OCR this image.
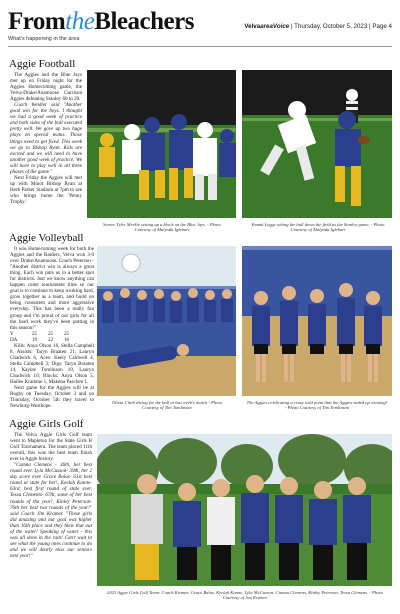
FromtheBleachers
What's happening in the area
VelvaareaVoice | Thursday, October 5, 2023 | Page 4
Aggie Football

The Aggies and the Blue Jays met up on Friday night for the Aggies Homecoming game, the Velva-Drake/Anamoose Garrison Aggies defeating Stanley 60 to 20.

Coach Weidler said "Another good win for the boys. I thought we had a good week of practice and both sides of the ball executed pretty well. We gave up two huge plays on special teams. Those things need to get fixed. This week we go to Bishop Ryan. Kids are excited and we will need to have another good week of practice. We will have to play well in all three phases of the game."

Next Friday the Aggies will met up with Minot Bishop Ryan at Herb Parker Stadium at 7pm to see who brings home the 'Penny Trophy.'

Senior Tyler Merkle setting up a block on the Blue Jays. - Photo Courtesy of Malynda Iglehart
Emmit Legge taking the ball down the field as the Stanley game. - Photo Courtesy of Malynda Iglehart
Aggie Volleyball

It was Homecoming week for both the Aggies and the Raiders, Velva won 3-0 over Drake/Anamoose. Coach Peterson - "Another district win is always a great thing. Each win puts us in a better spot for districts. Just we know anything can happen come tournament time so our goal is to continue to keep working hard, grow together as a team, and build on being consistent and more aggressive everyday. This has been a really fun group and I'm proud of our girls for all the hard work they've been putting in this season!"

V	25 25 25
DA	19 22 16

Kills: Anya Olson 16, Stella Campbell 8, Assists: Taryn Braaten 21, Lauryn Chadwick 6, Aces: Keely Caldwell 4, Stella Campbell 3; Digs: Taryn Braaten 14, Kaylee Tomlinson 10, Lauryn Chadwick 10; Blocks: Anya Olson 5, Hailee Kramme 1, Makena Paschen 1.

Next game for the Aggies will be at Rugby on Tuesday, October 3 and on Thursday, October 5th they travel to Newburg-Westhope.

Olivia Clark diving for the ball at last week's match - Photo Courtesy of Tim Tomlinson
The Aggies celebrating a crazy wild point that the Aggies ended up winning! - Photo Courtesy of Tim Tomlinson
Aggie Girls Golf

The Velva Aggie Girls Golf team went to Mapleton for the State Girls B Golf Tournament. The team placed 11th overall, this was the best team finish ever in Aggie history.

"Camna Clemens - 36th, her best round ever. Lyla McCusson- 39th, her 2 day score ever. Grace Balas- 61st best round at state for her!, Keelah Kanne- 63rd, best first round of state ever, Tessa Clements- 67th, some of her best rounds of the year!, Kinley Peterson- 76th her best two rounds of the year!" said Coach Jim Kramer. "These girls did amazing and our goal was higher than 16th place and they blew that out of the water! Speaking of water - this was all done in the rain! Can't wait to see what the young ones continue to do and we will dearly miss our seniors next year!"

2023 Aggie Girls Golf Team: Coach Kramer, Grace Balas, Keelah Kanne, Lyla McCusson, Cianna Clemens, Kinley Peterson, Tessa Clemens. - Photo Courtesy of Jim Kramer
